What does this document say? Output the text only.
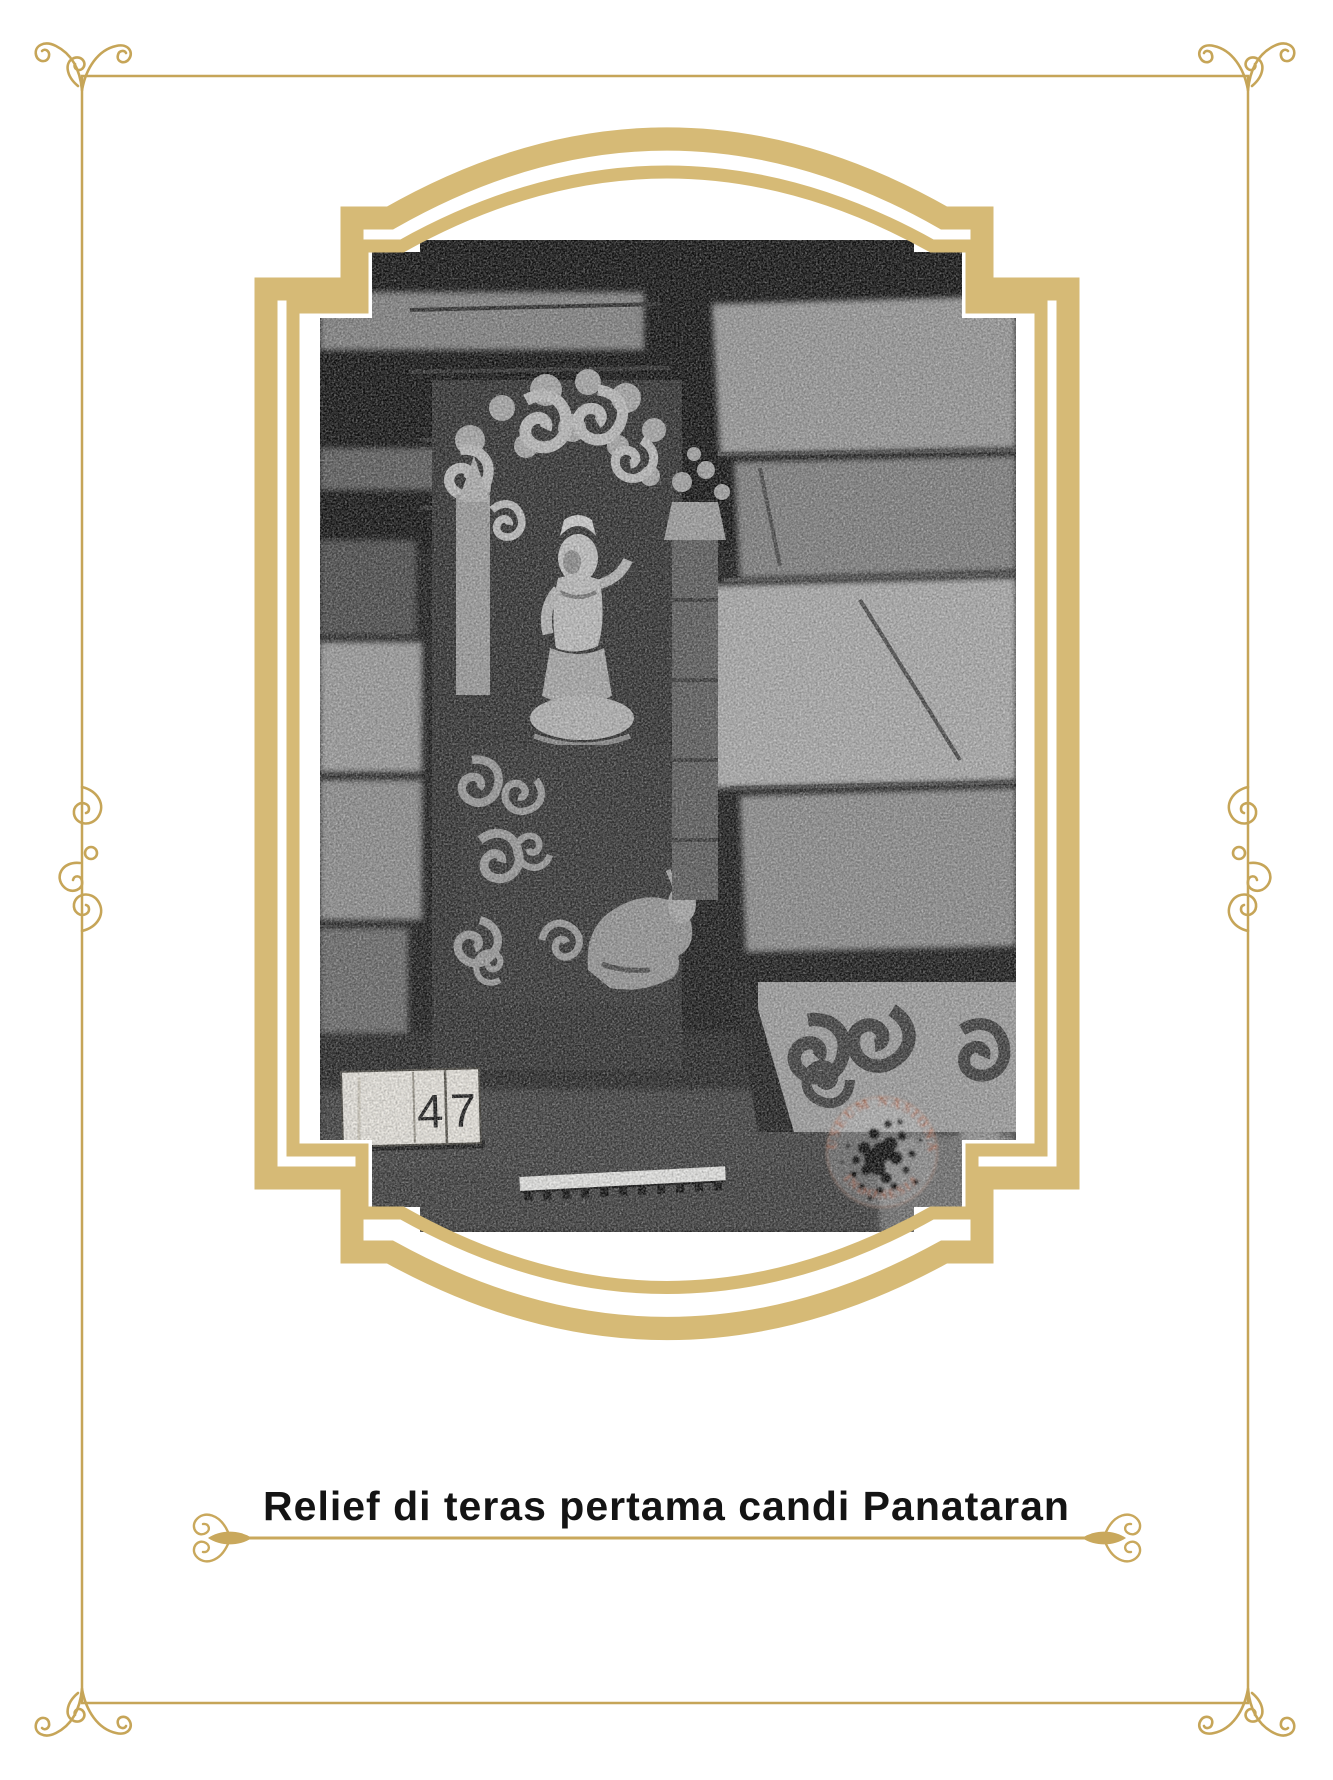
Relief di teras pertama candi Panataran
